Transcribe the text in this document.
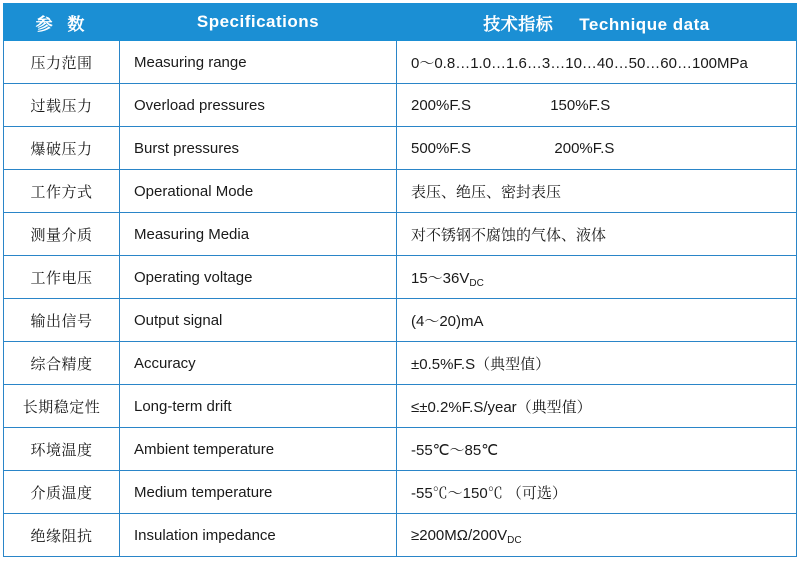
参 数	Specifications	技术指标 Technique data
压力范围	Measuring range	0～0.8…1.0…1.6…3…10…40…50…60…100MPa
过载压力	Overload pressures	200%F.S                   150%F.S
爆破压力	Burst pressures	500%F.S                    200%F.S
工作方式	Operational Mode	表压、绝压、密封表压
测量介质	Measuring Media	对不锈钢不腐蚀的气体、液体
工作电压	Operating voltage	$15\sim 36V_{DC}$
输出信号	Output signal	(4～20)mA
综合精度	Accuracy	±0.5%F.S（典型值）
长期稳定性	Long-term drift	≤±0.2%F.S/year（典型值）
环境温度	Ambient temperature	-55℃～85℃
介质温度	Medium temperature	-55℃～150℃ （可选）
绝缘阻抗	Insulation impedance	$\ge 200M\Omega/200V_{DC}$
